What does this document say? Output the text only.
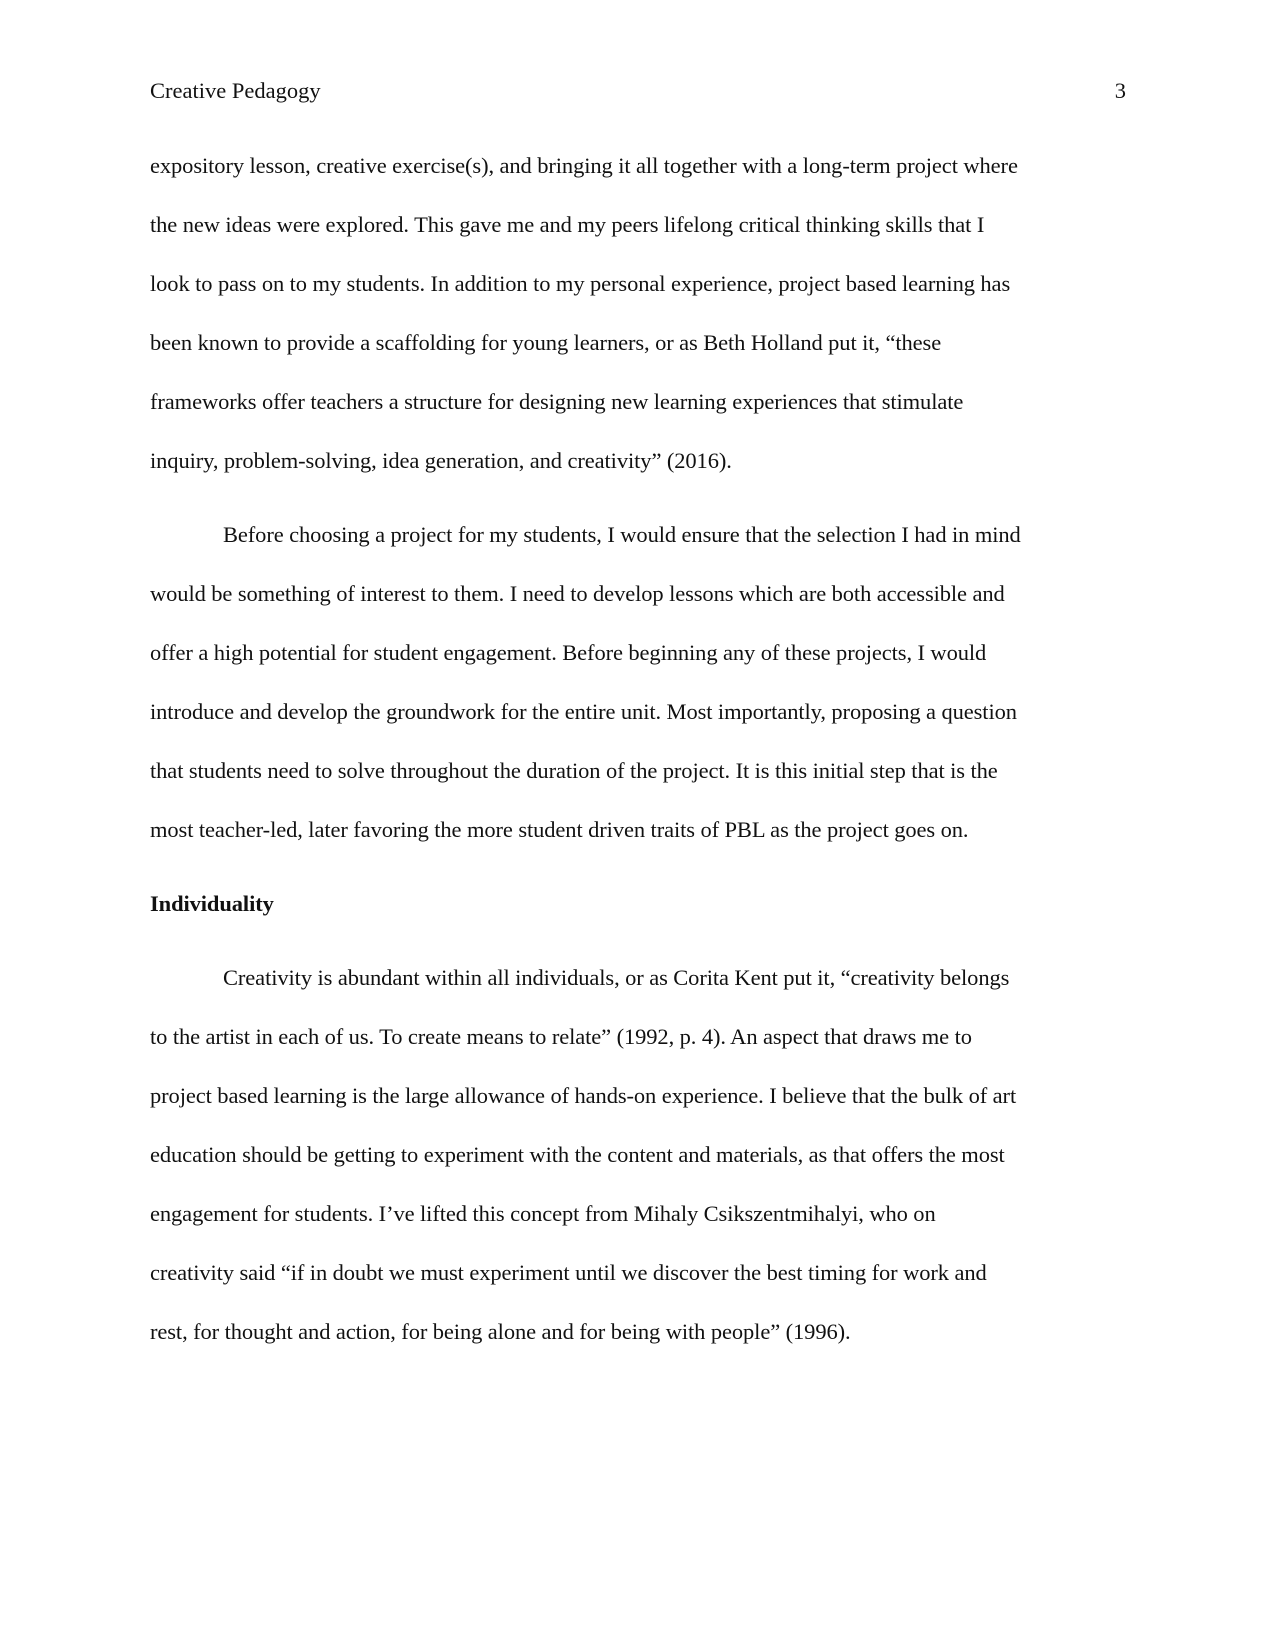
Creative Pedagogy	3
expository lesson, creative exercise(s), and bringing it all together with a long-term project where
the new ideas were explored. This gave me and my peers lifelong critical thinking skills that I
look to pass on to my students. In addition to my personal experience, project based learning has
been known to provide a scaffolding for young learners, or as Beth Holland put it, “these
frameworks offer teachers a structure for designing new learning experiences that stimulate
inquiry, problem-solving, idea generation, and creativity” (2016).
Before choosing a project for my students, I would ensure that the selection I had in mind
would be something of interest to them. I need to develop lessons which are both accessible and
offer a high potential for student engagement. Before beginning any of these projects, I would
introduce and develop the groundwork for the entire unit. Most importantly, proposing a question
that students need to solve throughout the duration of the project. It is this initial step that is the
most teacher-led, later favoring the more student driven traits of PBL as the project goes on.
Individuality
Creativity is abundant within all individuals, or as Corita Kent put it, “creativity belongs
to the artist in each of us. To create means to relate” (1992, p. 4). An aspect that draws me to
project based learning is the large allowance of hands-on experience. I believe that the bulk of art
education should be getting to experiment with the content and materials, as that offers the most
engagement for students. I’ve lifted this concept from Mihaly Csikszentmihalyi, who on
creativity said “if in doubt we must experiment until we discover the best timing for work and
rest, for thought and action, for being alone and for being with people” (1996).
